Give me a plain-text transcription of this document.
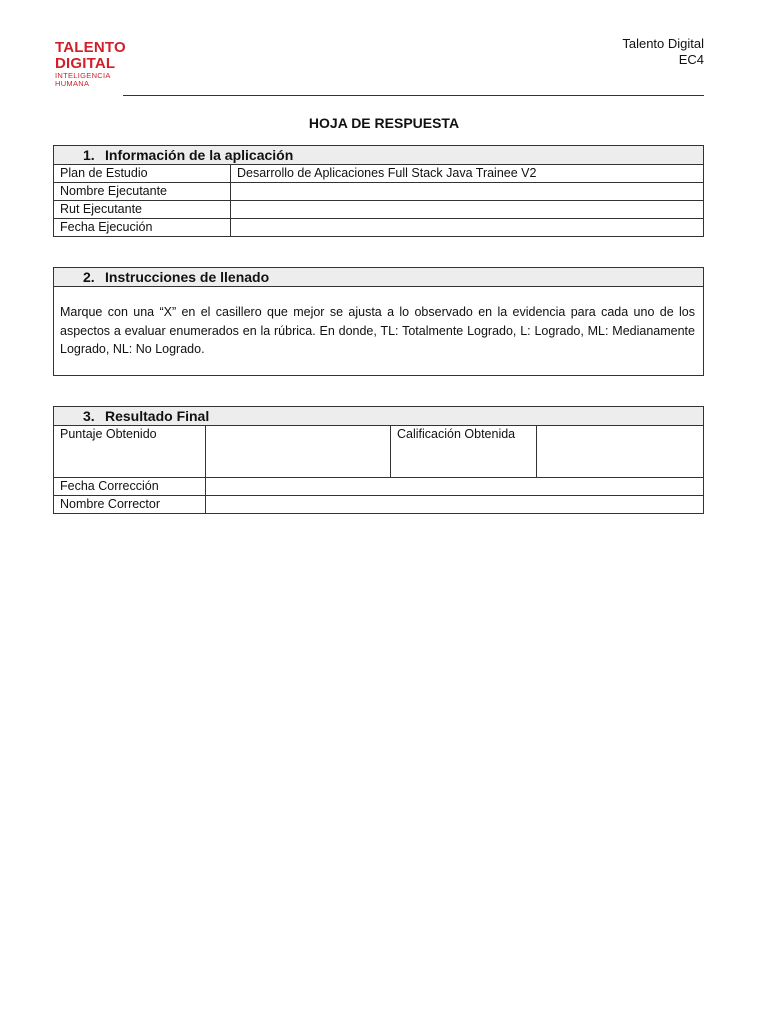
TALENTO
DIGITAL
INTELIGENCIA
HUMANA
Talento Digital
EC4
HOJA DE RESPUESTA
1. Información de la aplicación	
Plan de Estudio	Desarrollo de Aplicaciones Full Stack Java Trainee V2
Nombre Ejecutante	
Rut Ejecutante	
Fecha Ejecución	
2. Instrucciones de llenado
Marque con una “X” en el casillero que mejor se ajusta a lo observado en la evidencia para cada uno de los aspectos a evaluar enumerados en la rúbrica. En donde, TL: Totalmente Logrado, L: Logrado, ML: Medianamente Logrado, NL: No Logrado.
3. Resultado Final			
Puntaje Obtenido		Calificación Obtenida	
Fecha Corrección			
Nombre Corrector			
